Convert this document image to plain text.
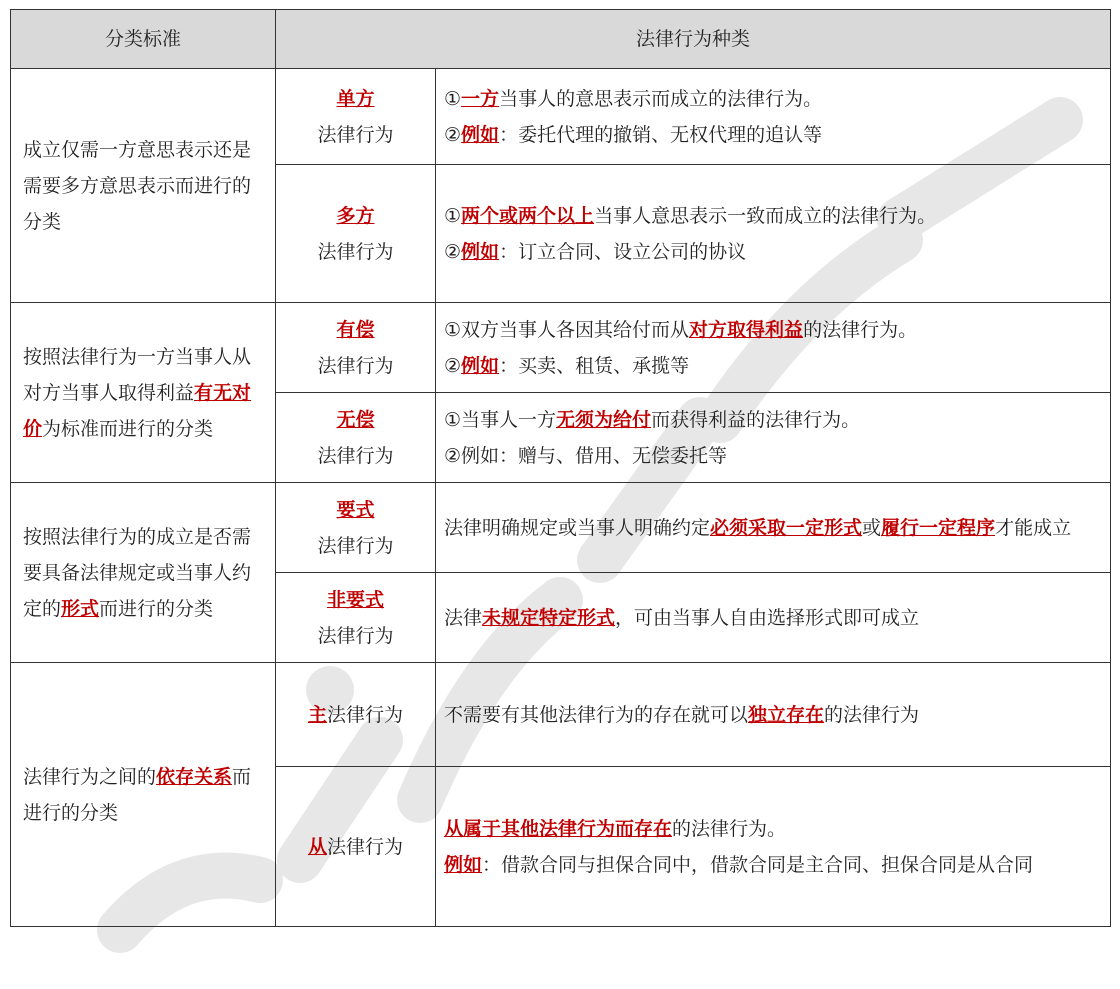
分类标准	法律行为种类	
成立仅需一方意思表示还是需要多方意思表示而进行的分类	单方
法律行为	①一方当事人的意思表示而成立的法律行为。
②例如：委托代理的撤销、无权代理的追认等

	多方
法律行为	①两个或两个以上当事人意思表示一致而成立的法律行为。
②例如：订立合同、设立公司的协议

按照法律行为一方当事人从对方当事人取得利益有无对价为标准而进行的分类	有偿
法律行为	①双方当事人各因其给付而从对方取得利益的法律行为。
②例如：买卖、租赁、承揽等

	无偿
法律行为	①当事人一方无须为给付而获得利益的法律行为。
②例如：赠与、借用、无偿委托等

按照法律行为的成立是否需要具备法律规定或当事人约定的形式而进行的分类	要式
法律行为	法律明确规定或当事人明确约定必须采取一定形式或履行一定程序才能成立

	非要式
法律行为	法律未规定特定形式，可由当事人自由选择形式即可成立

法律行为之间的依存关系而进行的分类	主法律行为	不需要有其他法律行为的存在就可以独立存在的法律行为

	从法律行为	从属于其他法律行为而存在的法律行为。
例如：借款合同与担保合同中，借款合同是主合同、担保合同是从合同
